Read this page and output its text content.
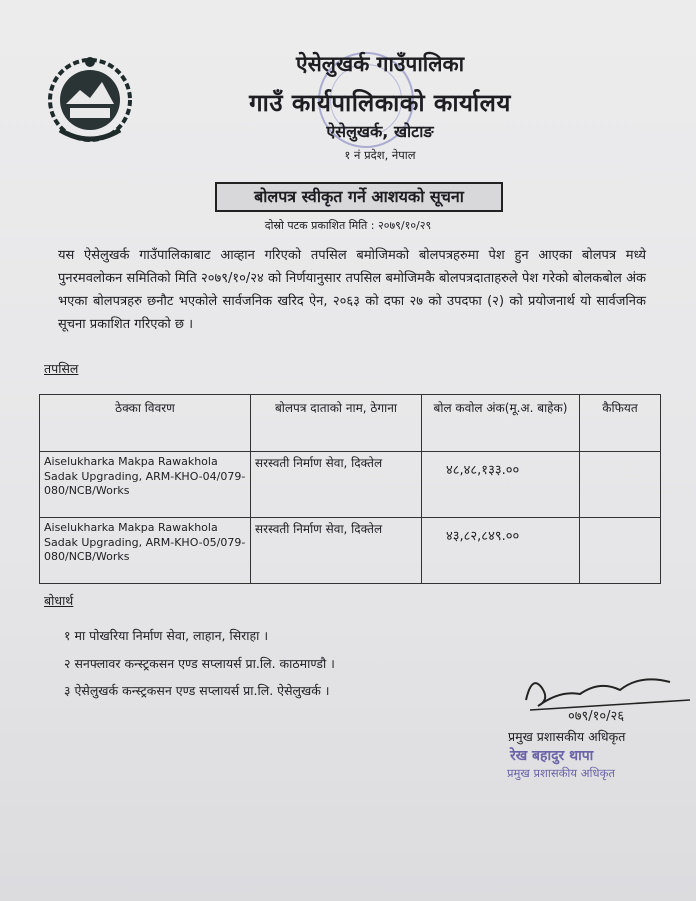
ऐसेलुखर्क गाउँपालिका
गाउँ कार्यपालिकाको कार्यालय
ऐसेलुखर्क, खोटाङ
१ नं प्रदेश, नेपाल
बोलपत्र स्वीकृत गर्ने आशयको सूचना
दोस्रो पटक प्रकाशित मिति : २०७९/१०/२९
यस ऐसेलुखर्क गाउँपालिकाबाट आव्हान गरिएको तपसिल बमोजिमको बोलपत्रहरुमा पेश हुन आएका बोलपत्र मध्ये पुनरमवलोकन समितिको मिति २०७९/१०/२४ को निर्णयानुसार तपसिल बमोजिमकै बोलपत्रदाताहरुले पेश गरेको बोलकबोल अंक भएका बोलपत्रहरु छनौट भएकोले सार्वजनिक खरिद ऐन, २०६३ को दफा २७ को उपदफा (२) को प्रयोजनार्थ यो सार्वजनिक सूचना प्रकाशित गरिएको छ ।
तपसिल
ठेक्का विवरण	बोलपत्र दाताको नाम, ठेगाना	बोल कवोल अंक(मू.अ. बाहेक)	कैफियत
Aiselukharka Makpa Rawakhola Sadak Upgrading, ARM-KHO-04/079-080/NCB/Works	सरस्वती निर्माण सेवा, दिक्तेल	४८,४८,१३३.००	
Aiselukharka Makpa Rawakhola Sadak Upgrading, ARM-KHO-05/079-080/NCB/Works	सरस्वती निर्माण सेवा, दिक्तेल	४३,८२,८४९.००	
बोधार्थ
१ मा पोखरिया निर्माण सेवा, लाहान, सिराहा ।
२ सनफ्लावर कन्स्ट्रकसन एण्ड सप्लायर्स प्रा.लि. काठमाण्डौ ।
३ ऐसेलुखर्क कन्स्ट्रकसन एण्ड सप्लायर्स प्रा.लि. ऐसेलुखर्क ।
०७९/१०/२६
प्रमुख प्रशासकीय अधिकृत
रेख बहादुर थापा
प्रमुख प्रशासकीय अधिकृत
